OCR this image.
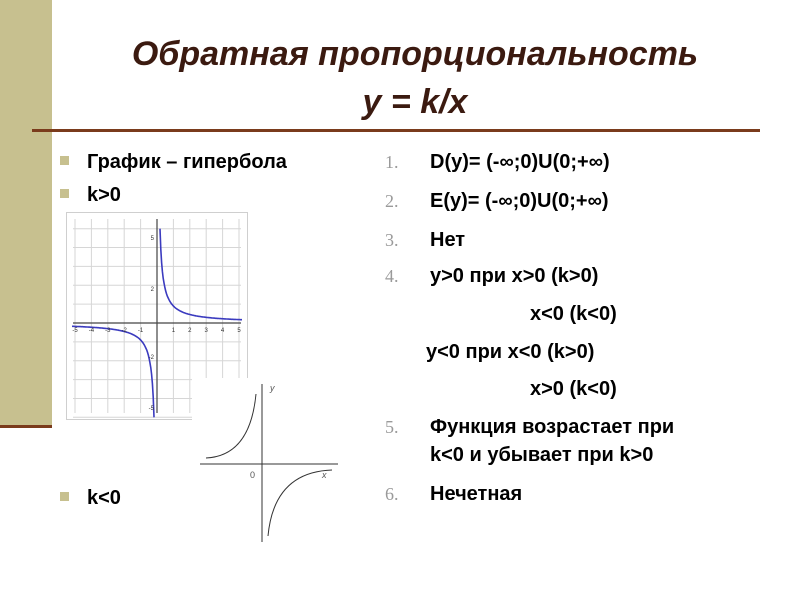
Обратная пропорциональность
y = k/x
График – гипербола
k>0
k<0
1.	D(y)= (-∞;0)U(0;+∞)
2.	E(y)= (-∞;0)U(0;+∞)
3.	Нет
4.	y>0 при x>0 (k>0)
x<0 (k<0)
y<0 при x<0 (k>0)
x>0 (k<0)
5.	Функция возрастает при
k<0 и убывает при k>0
6.	Нечетная
-5 -4 -3 -2 -1	1 2 3 4 5
5
2
-2
-5
y
x
0
